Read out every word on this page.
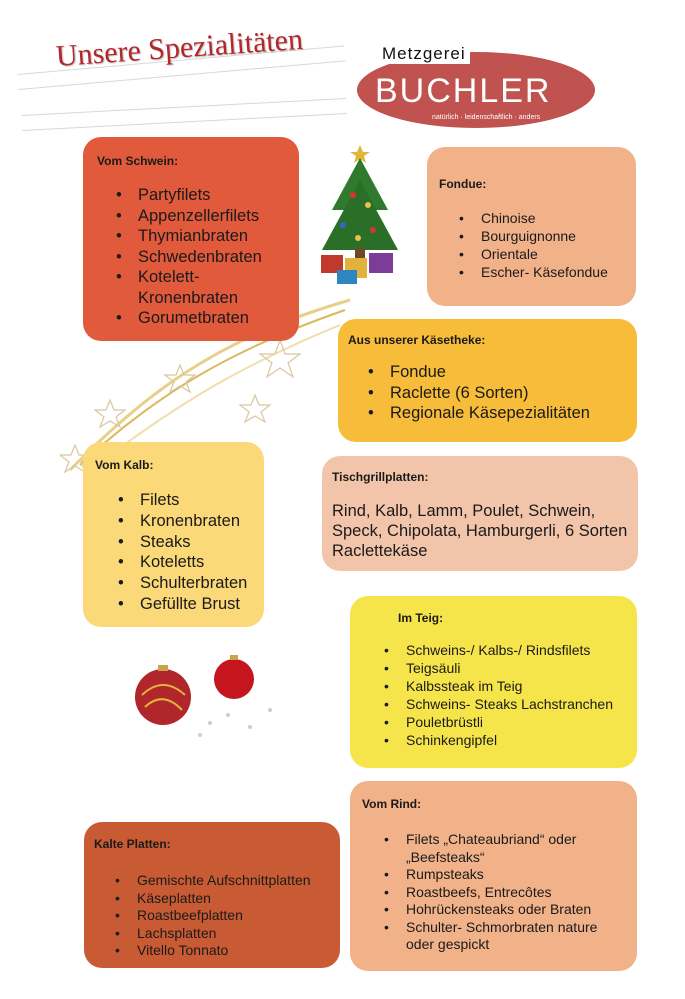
Unsere Spezialitäten	Metzgerei
BUCHLER
natürlich · leidenschaftlich · anders
Vom Schwein:
• Partyfilets
• Appenzellerfilets
• Thymianbraten
• Schwedenbraten
• Kotelett- Kronenbraten
• Gorumetbraten
Fondue:
• Chinoise
• Bourguignonne
• Orientale
• Escher- Käsefondue
Aus unserer Käsetheke:
• Fondue
• Raclette (6 Sorten)
• Regionale Käsepezialitäten
Vom Kalb:
• Filets
• Kronenbraten
• Steaks
• Koteletts
• Schulterbraten
• Gefüllte Brust
Tischgrillplatten:

Rind, Kalb, Lamm, Poulet, Schwein, Speck, Chipolata, Hamburgerli, 6 Sorten Raclettekäse

Im Teig:
• Schweins-/ Kalbs-/ Rindsfilets
• Teigsäuli
• Kalbssteak im Teig
• Schweins- Steaks Lachstranchen
• Pouletbrüstli
• Schinkengipfel
Vom Rind:
• Filets „Chateaubriand“ oder „Beefsteaks“
• Rumpsteaks
• Roastbeefs, Entrecôtes
• Hohrückensteaks oder Braten
• Schulter- Schmorbraten nature oder gespickt
Kalte Platten:
• Gemischte Aufschnittplatten
• Käseplatten
• Roastbeefplatten
• Lachsplatten
• Vitello Tonnato
